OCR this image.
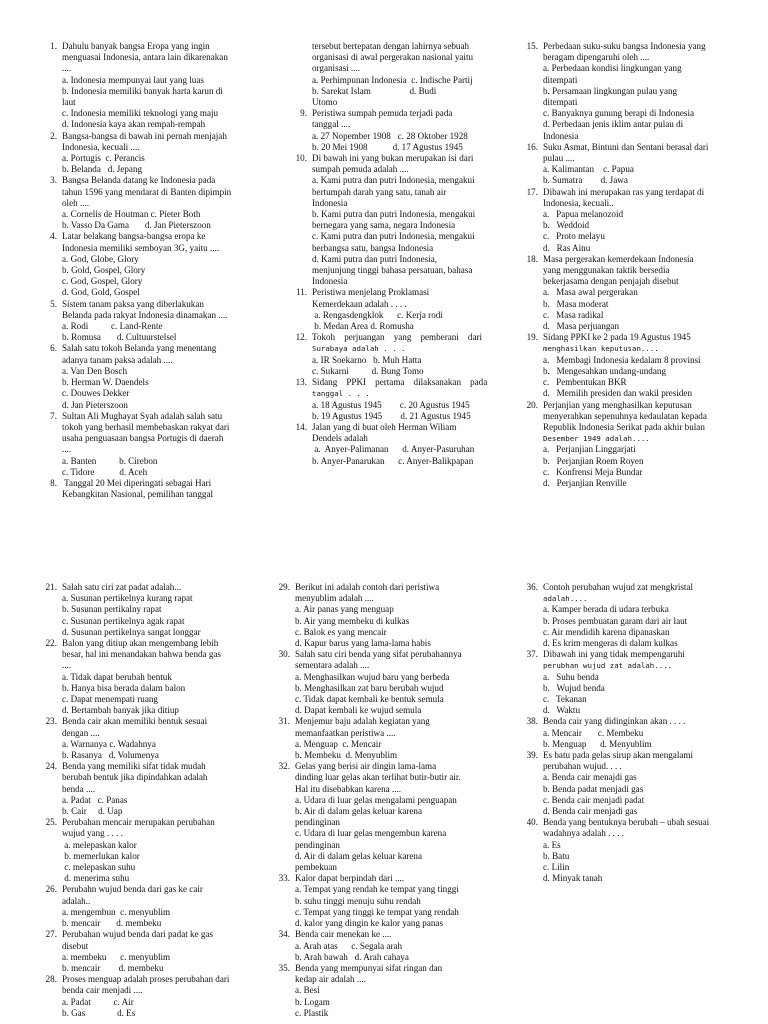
1. Dahulu banyak bangsa Eropa yang ingin
menguasai Indonesia, antara lain dikarenakan
....
a. Indonesia mempunyai laut yang luas
b. Indonesia memiliki banyak harta karun di
laut
c. Indonesia memiliki teknologi yang maju
d. Indonesia kaya akan rempah-rempah
2. Bangsa-bangsa di bawah ini pernah menjajah
Indonesia, kecuali ....
a. Portugis  c. Perancis
b. Belanda   d. Jepang
3. Bangsa Belanda datang ke Indonesia pada
tahun 1596 yang mendarat di Banten dipimpin
oleh ....
a. Cornelis de Houtman c. Pieter Both
b. Vasso Da Gama       d. Jan Pieterszoon
4. Latar belakang bangsa-bangsa eropa ke
Indonesia memiliki semboyan 3G, yaitu ....
a. God, Globe, Glory
b. Gold, Gospel, Glory
c. God, Gospel, Glory
d. God, Gold, Gospel
5. Sistem tanam paksa yang diberlakukan
Belanda pada rakyat Indonesia dinamakan ....
a. Rodi          c. Land-Rente
b. Romusa       d. Cultuurstelsel
6. Salah satu tokoh Belanda yang menentang
adanya tanam paksa adalah ....
a. Van Den Bosch
b. Herman W. Daendels
c. Douwes Dekker
d. Jan Pieterszoon
7. Sultan Ali Mughayat Syah adalah salah satu
tokoh yang berhasil membebaskan rakyat dari
usaha penguasaan bangsa Portugis di daerah
....
a. Banten          b. Cirebon
c. Tidore           d. Aceh
8. Tanggal 20 Mei diperingati sebagai Hari
Kebangkitan Nasional, pemilihan tanggal
tersebut bertepatan dengan lahirnya sebuah
organisasi di awal pergerakan nasional yaitu
organisasi ....
a. Perhimpunan Indonesia  c. Indische Partij
b. Sarekat Islam                 d. Budi
Utomo
9. Peristiwa sumpah pemuda terjadi pada
tanggal ....
a. 27 Nopember 1908   c. 28 Oktober 1928
b. 20 Mei 1908           d. 17 Agustus 1945
10. Di bawah ini yang bukan merupakan isi dari
sumpah pemuda adalah ....
a. Kami putra dan putri Indonesia, mengakui
bertumpah darah yang satu, tanah air
Indonesia
b. Kami putra dan putri Indonesia, mengakui
bernegara yang sama, negara Indonesia
c. Kami putra dan putri Indonesia, mengakui
berbangsa satu, bangsa Indonesia
d. Kami putra dan putri Indonesia,
menjunjung tinggi bahasa persatuan, bahasa
Indonesia
11. Peristiwa menjelang Proklamasi
Kemerdekaan adalah . . . .
a. Rengasdengklok      c. Kerja rodi
b. Medan Area d. Romusha
12. Tokoh    perjuangan    yang    pemberani    dari
Surabaya adalah . . .
a. IR Soekarno   b. Muh Hatta
c. Sukarni          d. Bung Tomo
13. Sidang    PPKI    pertama    dilaksanakan    pada
tanggal . . .
a. 18 Agustus 1945        c. 20 Agustus 1945
b. 19 Agustus 1945        d. 21 Agustus 1945
14. Jalan yang di buat oleh Herman Wiliam
Dendels adalah
a.  Anyer-Palimanan      d. Anyer-Pasuruhan
b. Anyer-Panarukan      c. Anyer-Balikpapan
15. Perbedaan suku-suku bangsa Indonesia yang
beragam dipengaruhi oleh ....
a. Perbedaan kondisi lingkungan yang
ditempati
b. Persamaan lingkungan pulau yang
ditempati
c. Banyaknya gunung berapi di Indonesia
d. Perbedaan jenis iklim antar pulau di
Indonesia
16. Suku Asmat, Bintuni dan Sentani berasal dari
pulau ....
a. Kalimantan    c. Papua
b. Sumatra        d. Jawa
17. Dibawah ini merupakan ras yang terdapat di
Indonesia, kecuali..
a.   Papua melanozoid
b.   Weddoid
c.   Proto melayu
d.   Ras Ainu
18. Masa pergerakan kemerdekaan Indonesia
yang menggunakan taktik bersedia
bekerjasama dengan penjajah disebut
a.   Masa awal pergerakan
b.   Masa moderat
c.   Masa radikal
d.   Masa perjuangan
19. Sidang PPKI ke 2 pada 19 Agustus 1945
menghasilkan keputusan....
a.   Membagi Indonesia kedalam 8 provinsi
b.   Mengesahkan undang-undang
c.   Pembentukan BKR
d.   Memilih presiden dan wakil presiden
20. Perjanjian yang menghasilkan keputusan
menyerahkan sepenuhnya kedaulatan kepada
Republik Indonesia Serikat pada akhir bulan
Desember 1949 adalah....
a.   Perjanjian Linggarjati
b.   Perjanjian Roem Royen
c.   Konfrensi Meja Bundar
d.   Perjanjian Renville
21. Salah satu ciri zat padat adalah...
a. Susunan pertikelnya kurang rapat
b. Susunan pertikalny rapat
c. Susunan pertikelnya agak rapat
d. Susunan pertikelnya sangat longgar
22. Balon yang ditiup akan mengembang lebih
besar, hal ini menandakan bahwa benda gas
....
a. Tidak dapat berubah bentuk
b. Hanya bisa berada dalam balon
c. Dapat menempati ruang
d. Bertambah banyak jika ditiup
23. Benda cair akan memiliki bentuk sesuai
dengan ....
a. Warnanya c. Wadahnya
b. Rasanya   d. Volumenya
24. Benda yang memiliki sifat tidak mudah
berubah bentuk jika dipindahkan adalah
benda ....
a. Padat   c. Panas
b. Cair     d. Uap
25. Perubahan mencair merupakan perubahan
wujud yang . . . .
a. melepaskan kalor
b. memerlukan kalor
c. melepaskan suhu
d. menerima suhu
26. Perubahn wujud benda dari gas ke cair
adalah..
a. mengembun  c. menyublim
b. mencair       d. membeku
27. Perubahan wujud benda dari padat ke gas
disebut
a. membeku      c. menyublim
b. mencair        d. membeku
28. Proses menguap adalah proses perubahan dari
benda cair menjadi ....
a. Padat          c. Air
b. Gas              d. Es
29. Berikut ini adalah contoh dari peristiwa
menyublim adalah ....
a. Air panas yang menguap
b. Air yang membeku di kulkas
c. Balok es yang mencair
d. Kapur barus yang lama-lama habis
30. Salah satu ciri benda yang sifat perubahannya
sementara adalah ....
a. Menghasilkan wujud baru yang berbeda
b. Menghasilkan zat baru berubah wujud
c. Tidak dapat kembali ke bentuk semula
d. Dapat kembali ke wujud semula
31. Menjemur baju adalah kegiatan yang
memanfaatkan peristiwa ....
a. Menguap  c. Mencair
b. Membeku  d. Menyublim
32. Gelas yang berisi air dingin lama-lama
dinding luar gelas akan terlihat butir-butir air.
Hal itu disebabkan karena ....
a. Udara di luar gelas mengalami penguapan
b. Air di dalam gelas keluar karena
pendinginan
c. Udara di luar gelas mengembun karena
pendinginan
d. Air di dalam gelas keluar karena
pembekuan
33. Kalor dapat berpindah dari ....
a. Tempat yang rendah ke tempat yang tinggi
b. suhu tinggi menuju suhu rendah
c. Tempat yang tinggi ke tempat yang rendah
d. kalor yang dingin ke kalor yang panas
34. Benda cair menekan ke ....
a. Arah atas      c. Segala arah
b. Arah bawah   d. Arah cahaya
35. Benda yang mempunyai sifat ringan dan
kedap air adalah ....
a. Besi
b. Logam
c. Plastik
36. Contoh perubahan wujud zat mengkristal
adalah....
a. Kamper berada di udara terbuka
b. Proses pembuatan garam dari air laut
c. Air mendidih karena dipanaskan
d. Es krim mengeras di dalam kulkas
37. Dibawah ini yang tidak mempengaruhi
perubhan wujud zat adalah....
a.   Suhu benda
b.   Wujud benda
c.   Tekanan
d.   Waktu
38. Benda cair yang didinginkan akan . . . .
a. Mencair       c. Membeku
b. Menguap      d. Menyublim
39. Es batu pada gelas sirup akan mengalami
perubahan wujud. . . .
a. Benda cair menajdi gas
b. Benda padat menjadi gas
c. Benda cair menjadi padat
d. Benda cair menjadi gas
40. Benda yang bentuknya berubah – ubah sesuai
wadahnya adalah . . . .
a. Es
b. Batu
c. Lilin
d. Minyak tanah
